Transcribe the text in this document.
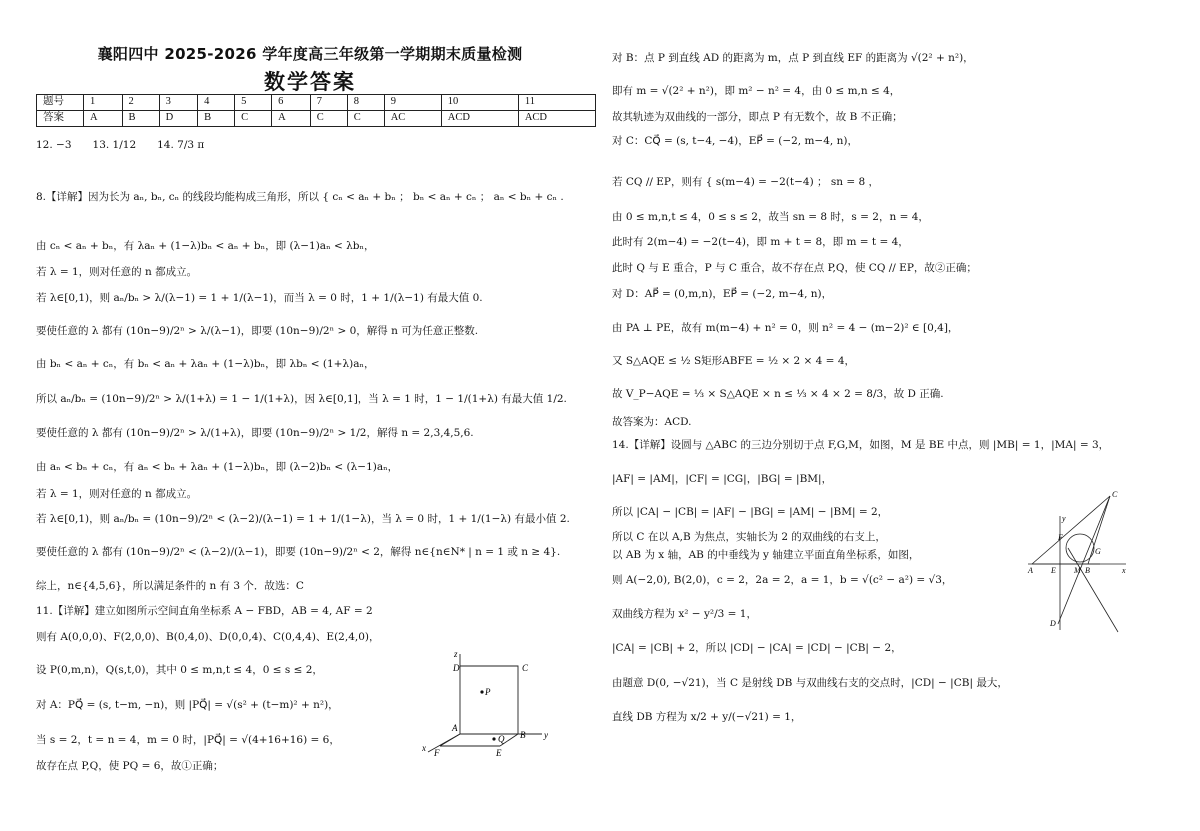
襄阳四中 2025-2026 学年度高三年级第一学期期末质量检测
数学答案
题号	1	2	3	4	5	6	7	8	9	10	11
答案	A	B	D	B	C	A	C	C	AC	ACD	ACD
12. −3　　13. 1/12　　14. 7/3 π
8.【详解】因为长为 aₙ, bₙ, cₙ 的线段均能构成三角形，所以 { cₙ < aₙ + bₙ ； bₙ < aₙ + cₙ ； aₙ < bₙ + cₙ .
由 cₙ < aₙ + bₙ，有 λaₙ + (1−λ)bₙ < aₙ + bₙ，即 (λ−1)aₙ < λbₙ，
若 λ = 1，则对任意的 n 都成立。
若 λ∈[0,1)，则 aₙ/bₙ > λ/(λ−1) = 1 + 1/(λ−1)，而当 λ = 0 时，1 + 1/(λ−1) 有最大值 0.
要使任意的 λ 都有 (10n−9)/2ⁿ > λ/(λ−1)，即要 (10n−9)/2ⁿ > 0，解得 n 可为任意正整数.
由 bₙ < aₙ + cₙ，有 bₙ < aₙ + λaₙ + (1−λ)bₙ，即 λbₙ < (1+λ)aₙ，
所以 aₙ/bₙ = (10n−9)/2ⁿ > λ/(1+λ) = 1 − 1/(1+λ)，因 λ∈[0,1]，当 λ = 1 时，1 − 1/(1+λ) 有最大值 1/2.
要使任意的 λ 都有 (10n−9)/2ⁿ > λ/(1+λ)，即要 (10n−9)/2ⁿ > 1/2，解得 n = 2,3,4,5,6.
由 aₙ < bₙ + cₙ，有 aₙ < bₙ + λaₙ + (1−λ)bₙ，即 (λ−2)bₙ < (λ−1)aₙ，
若 λ = 1，则对任意的 n 都成立。
若 λ∈[0,1)，则 aₙ/bₙ = (10n−9)/2ⁿ < (λ−2)/(λ−1) = 1 + 1/(1−λ)，当 λ = 0 时，1 + 1/(1−λ) 有最小值 2.
要使任意的 λ 都有 (10n−9)/2ⁿ < (λ−2)/(λ−1)，即要 (10n−9)/2ⁿ < 2，解得 n∈{n∈N* | n = 1 或 n ≥ 4}.
综上，n∈{4,5,6}，所以满足条件的 n 有 3 个．故选：C
11.【详解】建立如图所示空间直角坐标系 A − FBD，AB = 4, AF = 2
则有 A(0,0,0)、F(2,0,0)、B(0,4,0)、D(0,0,4)、C(0,4,4)、E(2,4,0)，
设 P(0,m,n)，Q(s,t,0)，其中 0 ≤ m,n,t ≤ 4，0 ≤ s ≤ 2，
对 A：PQ⃗ = (s, t−m, −n)，则 |PQ⃗| = √(s² + (t−m)² + n²)，
当 s = 2，t = n = 4，m = 0 时，|PQ⃗| = √(4+16+16) = 6，
故存在点 P,Q，使 PQ = 6，故①正确；
z
D	C
P
A
B y
Q
x F	E
对 B：点 P 到直线 AD 的距离为 m，点 P 到直线 EF 的距离为 √(2² + n²)，
即有 m = √(2² + n²)，即 m² − n² = 4，由 0 ≤ m,n ≤ 4，
故其轨迹为双曲线的一部分，即点 P 有无数个，故 B 不正确；
对 C：CQ⃗ = (s, t−4, −4)，EP⃗ = (−2, m−4, n)，
若 CQ // EP，则有 { s(m−4) = −2(t−4) ； sn = 8 ，
由 0 ≤ m,n,t ≤ 4，0 ≤ s ≤ 2，故当 sn = 8 时，s = 2，n = 4，
此时有 2(m−4) = −2(t−4)，即 m + t = 8，即 m = t = 4，
此时 Q 与 E 重合，P 与 C 重合，故不存在点 P,Q，使 CQ // EP，故②正确；
对 D：AP⃗ = (0,m,n)，EP⃗ = (−2, m−4, n)，
由 PA ⊥ PE，故有 m(m−4) + n² = 0，则 n² = 4 − (m−2)² ∈ [0,4]，
又 S△AQE ≤ ½ S矩形ABFE = ½ × 2 × 4 = 4，
故 V_P−AQE = ⅓ × S△AQE × n ≤ ⅓ × 4 × 2 = 8/3，故 D 正确.
故答案为：ACD.
14.【详解】设圆与 △ABC 的三边分别切于点 F,G,M，如图，M 是 BE 中点，则 |MB| = 1，|MA| = 3，
|AF| = |AM|，|CF| = |CG|，|BG| = |BM|，
所以 |CA| − |CB| = |AF| − |BG| = |AM| − |BM| = 2，
所以 C 在以 A,B 为焦点，实轴长为 2 的双曲线的右支上，
以 AB 为 x 轴，AB 的中垂线为 y 轴建立平面直角坐标系，如图，
则 A(−2,0), B(2,0)，c = 2，2a = 2，a = 1，b = √(c² − a²) = √3，
双曲线方程为 x² − y²/3 = 1，
|CA| = |CB| + 2，所以 |CD| − |CA| = |CD| − |CB| − 2，
由题意 D(0, −√21)，当 C 是射线 DB 与双曲线右支的交点时，|CD| − |CB| 最大，
直线 DB 方程为 x/2 + y/(−√21) = 1，
C
F
G
A E M B	x
y
D
